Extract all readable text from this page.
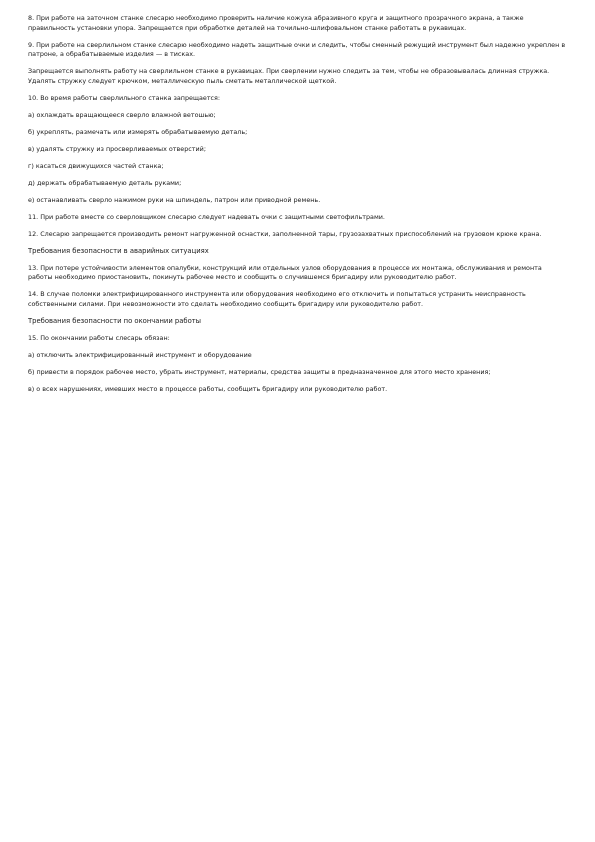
8. При работе на заточном станке слесарю необходимо проверить наличие кожуха абразивного круга и защитного прозрачного экрана, а также правильность установки упора. Запрещается при обработке деталей на точильно-шлифовальном станке работать в рукавицах.

9. При работе на сверлильном станке слесарю необходимо надеть защитные очки и следить, чтобы сменный режущий инструмент был надежно укреплен в патроне, а обрабатываемые изделия — в тисках.

Запрещается выполнять работу на сверлильном станке в рукавицах. При сверлении нужно следить за тем, чтобы не образовывалась длинная стружка. Удалять стружку следует крючком, металлическую пыль сметать металлической щеткой.

10. Во время работы сверлильного станка запрещается:

а) охлаждать вращающееся сверло влажной ветошью;

б) укреплять, размечать или измерять обрабатываемую деталь;

в) удалять стружку из просверливаемых отверстий;

г) касаться движущихся частей станка;

д) держать обрабатываемую деталь руками;

е) останавливать сверло нажимом руки на шпиндель, патрон или приводной ремень.

11. При работе вместе со сверловщиком слесарю следует надевать очки с защитными светофильтрами.

12. Слесарю запрещается производить ремонт нагруженной оснастки, заполненной тары, грузозахватных приспособлений на грузовом крюке крана.

Требования безопасности в аварийных ситуациях

13. При потере устойчивости элементов опалубки, конструкций или отдельных узлов оборудования в процессе их монтажа, обслуживания и ремонта работы необходимо приостановить, покинуть рабочее место и сообщить о случившемся бригадиру или руководителю работ.

14. В случае поломки электрифицированного инструмента или оборудования необходимо его отключить и попытаться устранить неисправность собственными силами. При невозможности это сделать необходимо сообщить бригадиру или руководителю работ.

Требования безопасности по окончании работы

15. По окончании работы слесарь обязан:

а) отключить электрифицированный инструмент и оборудование

б) привести в порядок рабочее место, убрать инструмент, материалы, средства защиты в предназначенное для этого место хранения;

в) о всех нарушениях, имевших место в процессе работы, сообщить бригадиру или руководителю работ.
